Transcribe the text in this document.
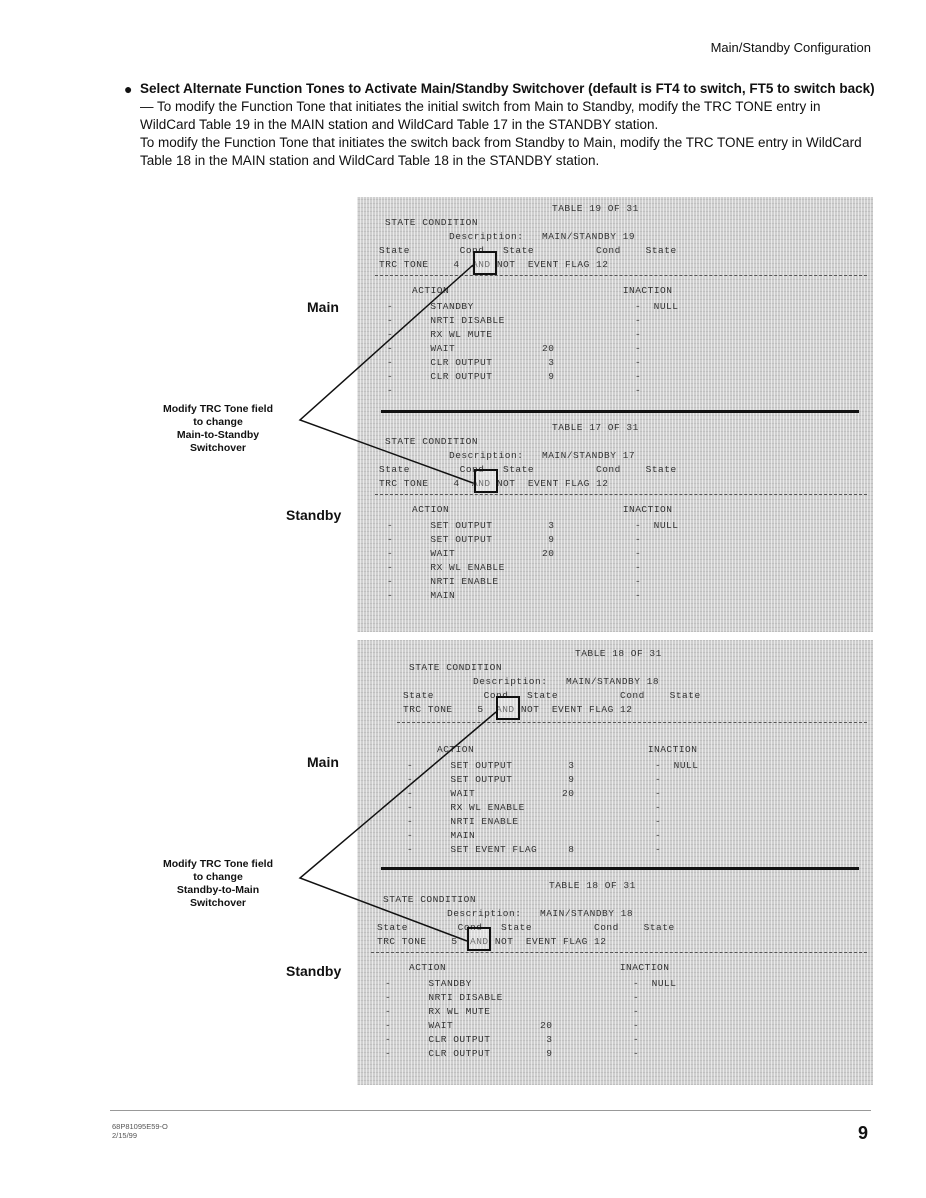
Main/Standby Configuration
● Select Alternate Function Tones to Activate Main/Standby Switchover (default is FT4 to switch, FT5 to switch back) — To modify the Function Tone that initiates the initial switch from Main to Standby, modify the TRC TONE entry in WildCard Table 19 in the MAIN station and WildCard Table 17 in the STANDBY station.

To modify the Function Tone that initiates the switch back from Standby to Main, modify the TRC TONE entry in WildCard Table 18 in the MAIN station and WildCard Table 18 in the STANDBY station.

TABLE 19 OF 31
STATE CONDITION
Description:   MAIN/STANDBY 19
State        Cond   State          Cond    State
TRC TONE    4  AND NOT  EVENT FLAG 12
ACTION                            INACTION
-      STANDBY                          -  NULL
-      NRTI DISABLE                     -
-      RX WL MUTE                       -
-      WAIT              20             -
-      CLR OUTPUT         3             -
-      CLR OUTPUT         9             -
-                                       -
TABLE 17 OF 31
STATE CONDITION
Description:   MAIN/STANDBY 17
State        Cond   State          Cond    State
TRC TONE    4  AND NOT  EVENT FLAG 12
ACTION                            INACTION
-      SET OUTPUT         3             -  NULL
-      SET OUTPUT         9             -
-      WAIT              20             -
-      RX WL ENABLE                     -
-      NRTI ENABLE                      -
-      MAIN                             -
Main
Standby
Modify TRC Tone field
to change
Main-to-Standby
Switchover
TABLE 18 OF 31
STATE CONDITION
Description:   MAIN/STANDBY 18
State        Cond   State          Cond    State
TRC TONE    5  AND NOT  EVENT FLAG 12
ACTION                            INACTION
-      SET OUTPUT         3             -  NULL
-      SET OUTPUT         9             -
-      WAIT              20             -
-      RX WL ENABLE                     -
-      NRTI ENABLE                      -
-      MAIN                             -
-      SET EVENT FLAG     8             -
TABLE 18 OF 31
STATE CONDITION
Description:   MAIN/STANDBY 18
State        Cond   State          Cond    State
TRC TONE    5  AND NOT  EVENT FLAG 12
ACTION                            INACTION
-      STANDBY                          -  NULL
-      NRTI DISABLE                     -
-      RX WL MUTE                       -
-      WAIT              20             -
-      CLR OUTPUT         3             -
-      CLR OUTPUT         9             -
Main
Standby
Modify TRC Tone field
to change
Standby-to-Main
Switchover
68P81095E59-O
2/15/99	9
